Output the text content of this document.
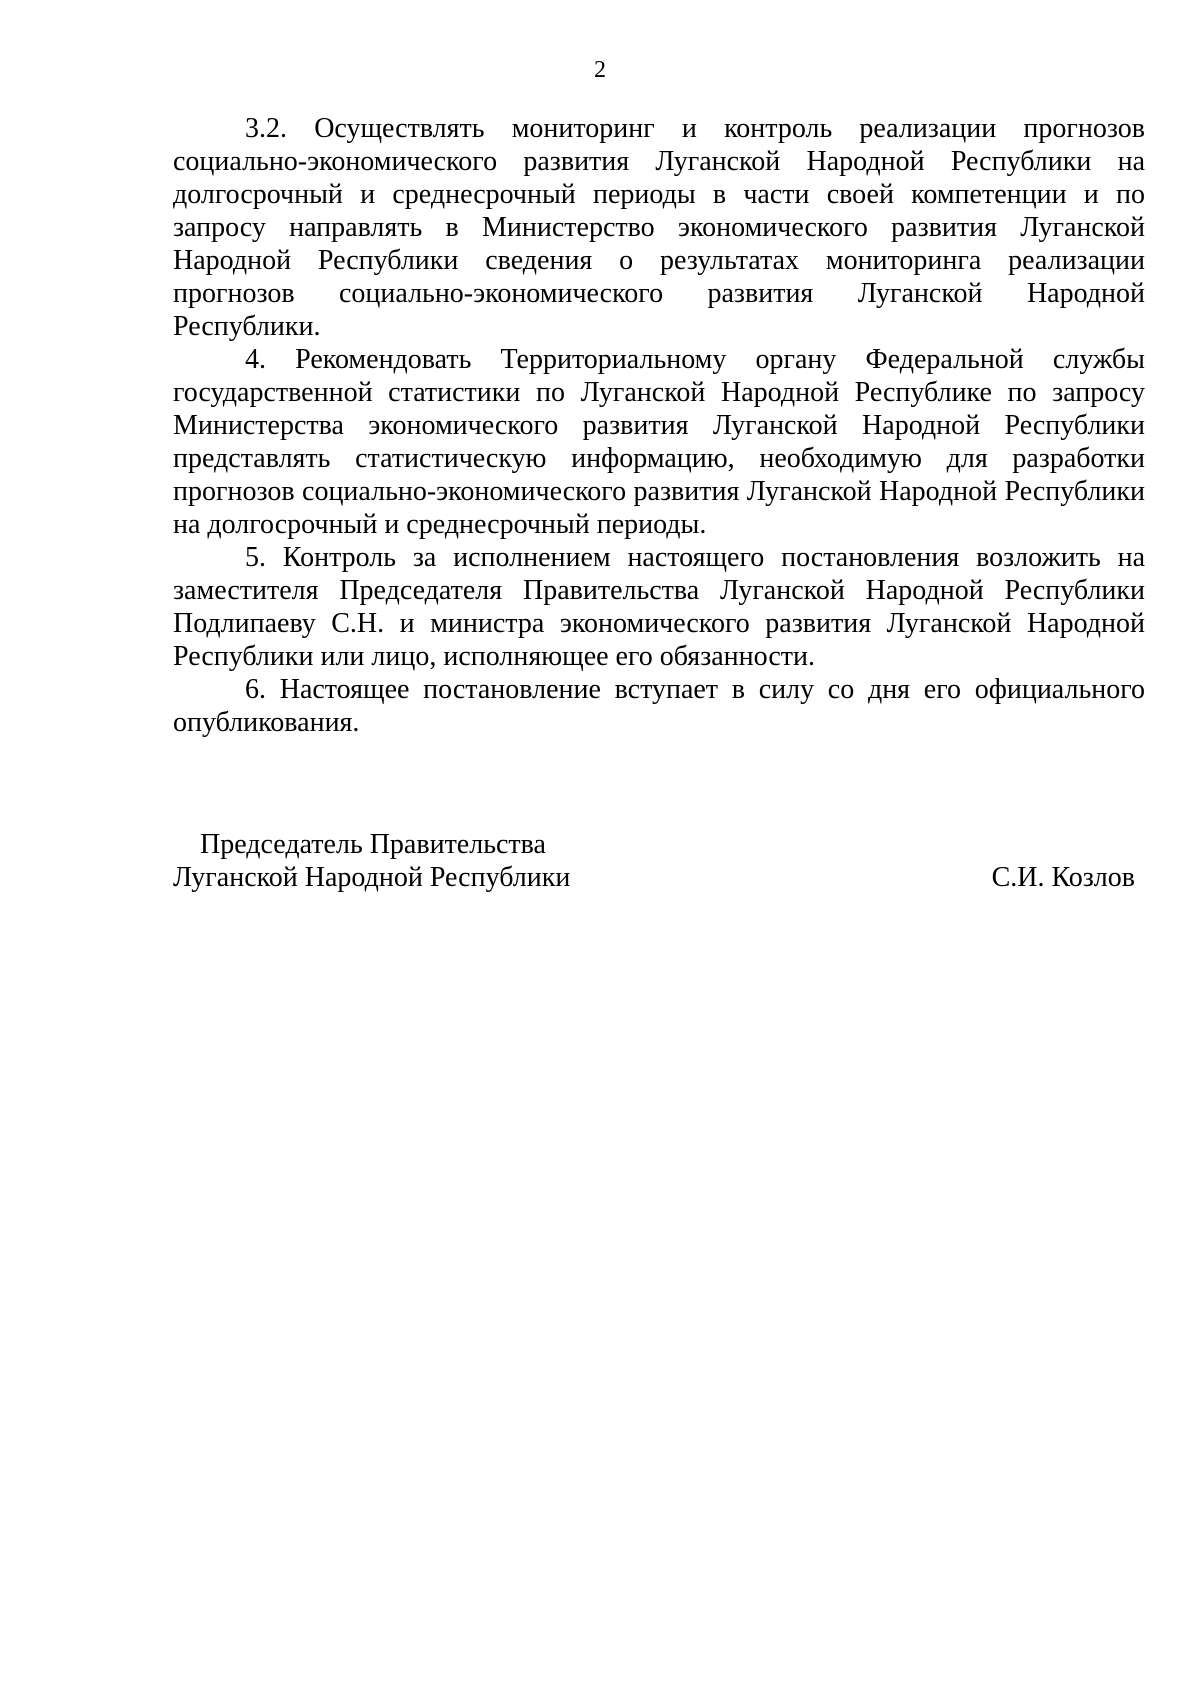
2

3.2. Осуществлять мониторинг и контроль реализации прогнозов социально-экономического развития Луганской Народной Республики на долгосрочный и среднесрочный периоды в части своей компетенции и по запросу направлять в Министерство экономического развития Луганской Народной Республики сведения о результатах мониторинга реализации прогнозов социально-экономического развития Луганской Народной Республики.

4. Рекомендовать Территориальному органу Федеральной службы государственной статистики по Луганской Народной Республике по запросу Министерства экономического развития Луганской Народной Республики представлять статистическую информацию, необходимую для разработки прогнозов социально-экономического развития Луганской Народной Республики на долгосрочный и среднесрочный периоды.

5. Контроль за исполнением настоящего постановления возложить на заместителя Председателя Правительства Луганской Народной Республики Подлипаеву С.Н. и министра экономического развития Луганской Народной Республики или лицо, исполняющее его обязанности.

6. Настоящее постановление вступает в силу со дня его официального опубликования.

Председатель Правительства
Луганской Народной Республики	С.И. Козлов
